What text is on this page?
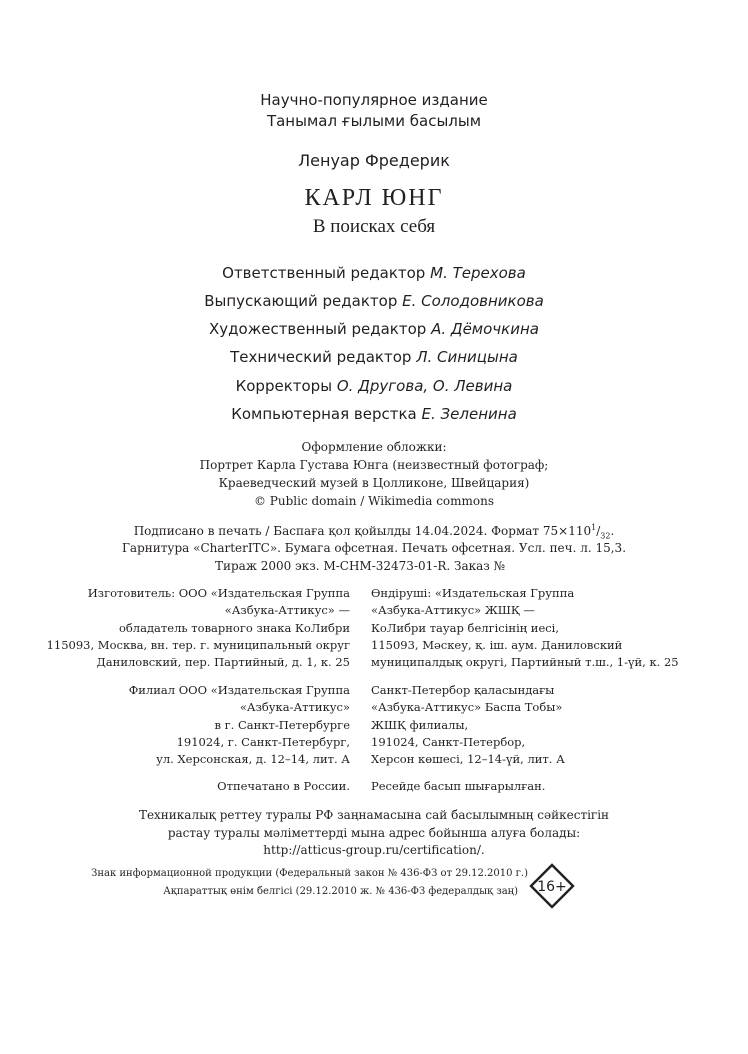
Научно-популярное издание
Танымал ғылыми басылым
Ленуар Фредерик
КАРЛ ЮНГ
В поисках себя
Ответственный редактор М. Терехова
Выпускающий редактор Е. Солодовникова
Художественный редактор А. Дёмочкина
Технический редактор Л. Синицына
Корректоры О. Другова, О. Левина
Компьютерная верстка Е. Зеленина
Оформление обложки:
Портрет Карла Густава Юнга (неизвестный фотограф;
Краеведческий музей в Цолликоне, Швейцария)
© Public domain / Wikimedia commons
Подписано в печать / Баспаға қол қойылды 14.04.2024. Формат $75\times 110^1/_{32}$.
Гарнитура «CharterITC». Бумага офсетная. Печать офсетная. Усл. печ. л. 15,3.
Тираж 2000 экз. M-CHM-32473-01-R. Заказ №
Изготовитель: ООО «Издательская Группа
«Азбука-Аттикус» —
обладатель товарного знака КоЛибри
115093, Москва, вн. тер. г. муниципальный округ
Даниловский, пер. Партийный, д. 1, к. 25
Өндіруші: «Издательская Группа
«Азбука-Аттикус» ЖШҚ —
КоЛибри тауар белгісінің иесі,
115093, Мәскеу, қ. іш. аум. Даниловский
муниципалдық округі, Партийный т.ш., 1-үй, к. 25
Филиал ООО «Издательская Группа
«Азбука-Аттикус»
в г. Санкт-Петербурге
191024, г. Санкт-Петербург,
ул. Херсонская, д. 12–14, лит. А
Санкт-Петербор қаласындағы
«Азбука-Аттикус» Баспа Тобы»
ЖШҚ филиалы,
191024, Санкт-Петербор,
Херсон көшесі, 12–14-үй, лит. А
Отпечатано в России. Ресейде басып шығарылған.
Техникалық реттеу туралы РФ заңнамасына сай басылымның сәйкестігін
растау туралы мәліметтерді мына адрес бойынша алуға болады:
http://atticus-group.ru/certification/.
Знак информационной продукции (Федеральный закон № 436-ФЗ от 29.12.2010 г.)
Ақпараттық өнім белгісі (29.12.2010 ж. № 436-ФЗ федералдық заң) 16+
